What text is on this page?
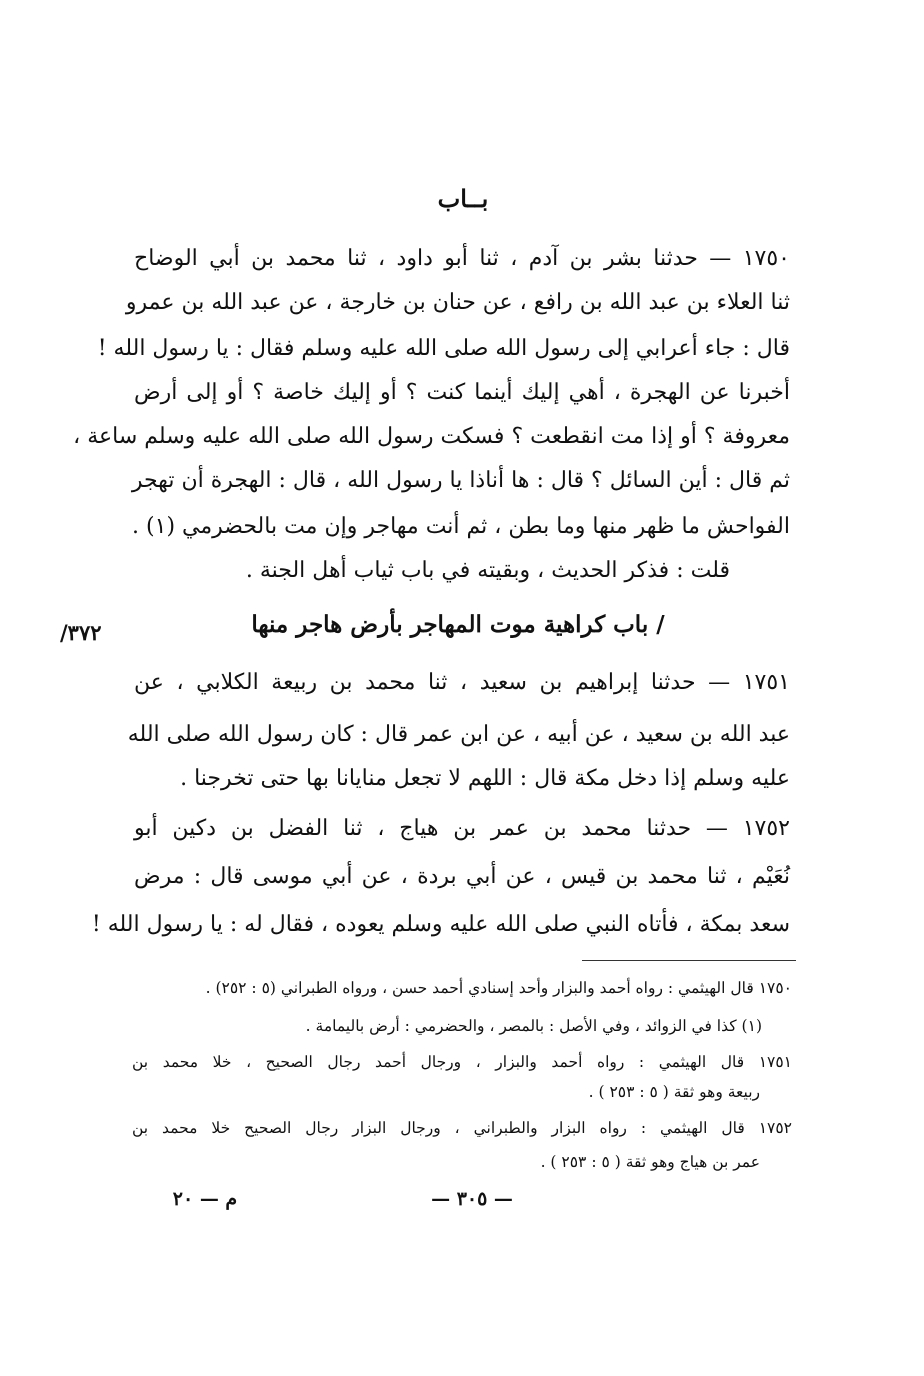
بــاب
١٧٥٠ — حدثنا بشر بن آدم ، ثنا أبو داود ، ثنا محمد بن أبي الوضاح
ثنا العلاء بن عبد الله بن رافع ، عن حنان بن خارجة ، عن عبد الله بن عمرو
قال : جاء أعرابي إلى رسول الله صلى الله عليه وسلم فقال : يا رسول الله !
أخبرنا عن الهجرة ، أهي إليك أينما كنت ؟ أو إليك خاصة ؟ أو إلى أرض
معروفة ؟ أو إذا مت انقطعت ؟ فسكت رسول الله صلى الله عليه وسلم ساعة ،
ثم قال : أين السائل ؟ قال : ها أناذا يا رسول الله ، قال : الهجرة أن تهجر
الفواحش ما ظهر منها وما بطن ، ثم أنت مهاجر وإن مت بالحضرمي (١) .
قلت : فذكر الحديث ، وبقيته في باب ثياب أهل الجنة .
/ باب كراهية موت المهاجر بأرض هاجر منها
٣٧٢/
١٧٥١ — حدثنا إبراهيم بن سعيد ، ثنا محمد بن ربيعة الكلابي ، عن
عبد الله بن سعيد ، عن أبيه ، عن ابن عمر قال : كان رسول الله صلى الله
عليه وسلم إذا دخل مكة قال : اللهم لا تجعل منايانا بها حتى تخرجنا .
١٧٥٢ — حدثنا محمد بن عمر بن هياج ، ثنا الفضل بن دكين أبو
نُعَيْم ، ثنا محمد بن قيس ، عن أبي بردة ، عن أبي موسى قال : مرض
سعد بمكة ، فأتاه النبي صلى الله عليه وسلم يعوده ، فقال له : يا رسول الله !
١٧٥٠ قال الهيثمي : رواه أحمد والبزار وأحد إسنادي أحمد حسن ، ورواه الطبراني (٥ : ٢٥٢) .
(١) كذا في الزوائد ، وفي الأصل : بالمصر ، والحضرمي : أرض باليمامة .
١٧٥١ قال الهيثمي : رواه أحمد والبزار ، ورجال أحمد رجال الصحيح ، خلا محمد بن
ربيعة وهو ثقة ( ٥ : ٢٥٣ ) .
١٧٥٢ قال الهيثمي : رواه البزار والطبراني ، ورجال البزار رجال الصحيح خلا محمد بن
عمر بن هياج وهو ثقة ( ٥ : ٢٥٣ ) .
— ٣٠٥ —
م — ٢٠
